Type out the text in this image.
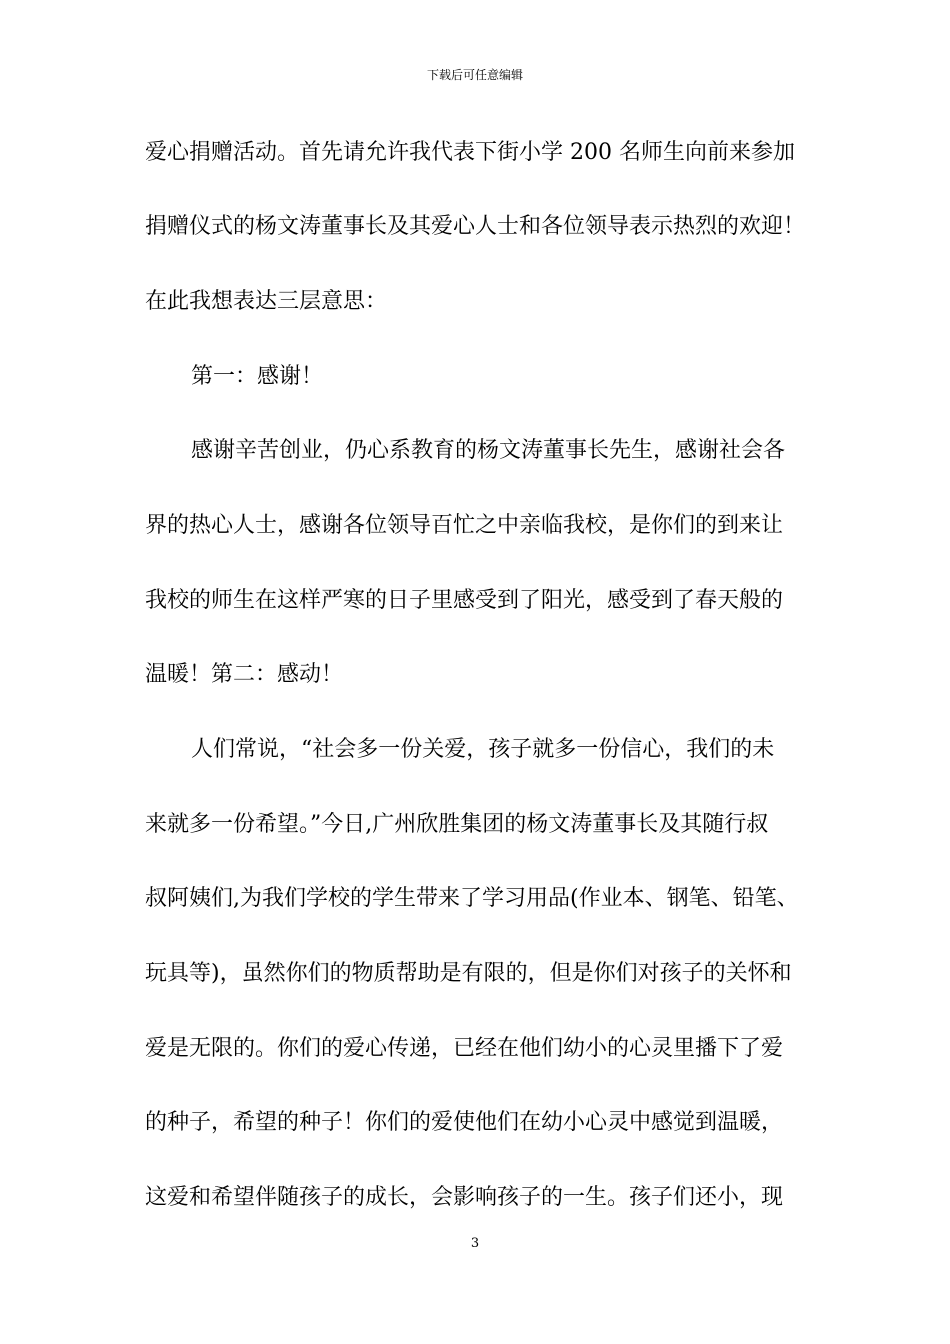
下载后可任意编辑
爱心捐赠活动。首先请允许我代表下街小学 200 名师生向前来参加
捐赠仪式的杨文涛董事长及其爱心人士和各位领导表示热烈的欢迎！
在此我想表达三层意思：
第一：感谢！
感谢辛苦创业，仍心系教育的杨文涛董事长先生，感谢社会各
界的热心人士，感谢各位领导百忙之中亲临我校，是你们的到来让
我校的师生在这样严寒的日子里感受到了阳光，感受到了春天般的
温暖！第二：感动！
人们常说，“社会多一份关爱，孩子就多一份信心，我们的未
来就多一份希望。”今日,广州欣胜集团的杨文涛董事长及其随行叔
叔阿姨们,为我们学校的学生带来了学习用品(作业本、钢笔、铅笔、
玩具等)，虽然你们的物质帮助是有限的，但是你们对孩子的关怀和
爱是无限的。你们的爱心传递，已经在他们幼小的心灵里播下了爱
的种子，希望的种子！你们的爱使他们在幼小心灵中感觉到温暖，
这爱和希望伴随孩子的成长，会影响孩子的一生。孩子们还小，现
3
